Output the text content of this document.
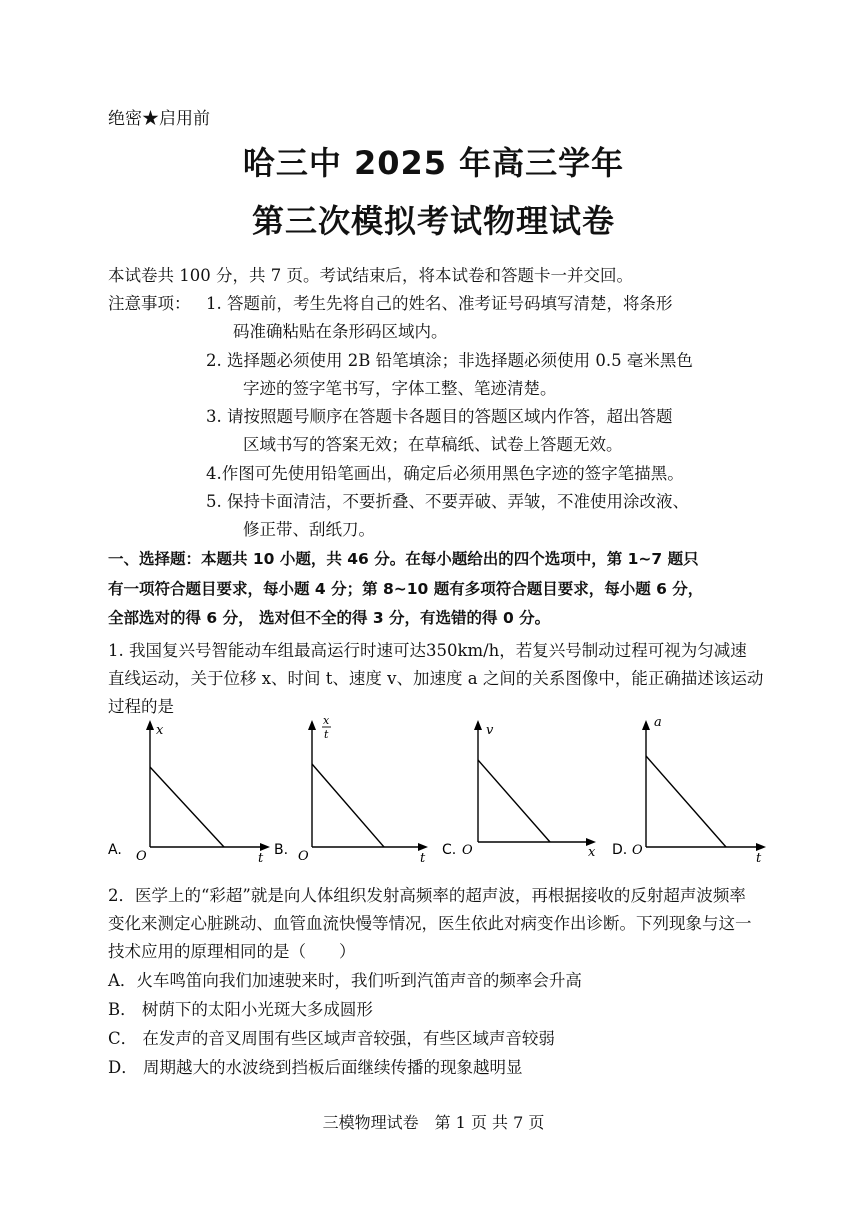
绝密★启用前
哈三中 2025 年高三学年
第三次模拟考试物理试卷
本试卷共 100 分，共 7 页。考试结束后，将本试卷和答题卡一并交回。
注意事项： 1. 答题前，考生先将自己的姓名、准考证号码填写清楚，将条形
码准确粘贴在条形码区域内。
2. 选择题必须使用 2B 铅笔填涂；非选择题必须使用 0.5 毫米黑色
字迹的签字笔书写，字体工整、笔迹清楚。
3. 请按照题号顺序在答题卡各题目的答题区域内作答，超出答题
区域书写的答案无效；在草稿纸、试卷上答题无效。
4.作图可先使用铅笔画出，确定后必须用黑色字迹的签字笔描黑。
5. 保持卡面清洁，不要折叠、不要弄破、弄皱，不准使用涂改液、
修正带、刮纸刀。
一、选择题：本题共 10 小题，共 46 分。在每小题给出的四个选项中，第 1~7 题只
有一项符合题目要求，每小题 4 分；第 8~10 题有多项符合题目要求，每小题 6 分，
全部选对的得 6 分， 选对但不全的得 3 分，有选错的得 0 分。
1. 我国复兴号智能动车组最高运行时速可达350km/h，若复兴号制动过程可视为匀减速
直线运动，关于位移 x、时间 t、速度 v、加速度 a 之间的关系图像中，能正确描述该运动
过程的是
A. O
x
t
B. O
x
t
t
C. O
v
x D. O
a
t
2．医学上的“彩超”就是向人体组织发射高频率的超声波，再根据接收的反射超声波频率
变化来测定心脏跳动、血管血流快慢等情况，医生依此对病变作出诊断。下列现象与这一
技术应用的原理相同的是（　　）
A．火车鸣笛向我们加速驶来时，我们听到汽笛声音的频率会升高
B． 树荫下的太阳小光斑大多成圆形
C． 在发声的音叉周围有些区域声音较强，有些区域声音较弱
D． 周期越大的水波绕到挡板后面继续传播的现象越明显
三模物理试卷　第 1 页 共 7 页
